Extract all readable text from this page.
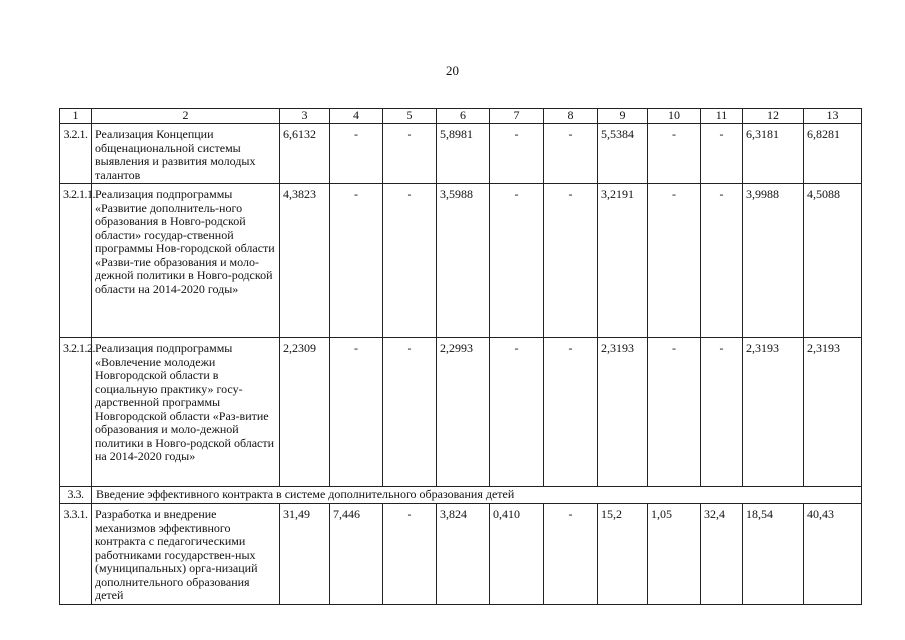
20
1	2	3	4	5	6	7	8	9	10	11	12	13
3.2.1.	Реализация Концепции общенациональной системы выявления и развития молодых талантов	6,6132	-	-	5,8981	-	-	5,5384	-	-	6,3181	6,8281
3.2.1.1.	Реализация подпрограммы «Развитие дополнитель-ного образования в Новго-родской области» государ-ственной программы Нов-городской области «Разви-тие образования и моло-дежной политики в Новго-родской области на 2014-2020 годы»	4,3823	-	-	3,5988	-	-	3,2191	-	-	3,9988	4,5088
3.2.1.2.	Реализация подпрограммы «Вовлечение молодежи Новгородской области в социальную практику» госу-дарственной программы Новгородской области «Раз-витие образования и моло-дежной политики в Новго-родской области на 2014-2020 годы»	2,2309	-	-	2,2993	-	-	2,3193	-	-	2,3193	2,3193
3.3.	Введение эффективного контракта в системе дополнительного образования детей											
3.3.1.	Разработка и внедрение механизмов эффективного контракта с педагогическими работниками государствен-ных (муниципальных) орга-низаций дополнительного образования детей	31,49	7,446	-	3,824	0,410	-	15,2	1,05	32,4	18,54	40,43
